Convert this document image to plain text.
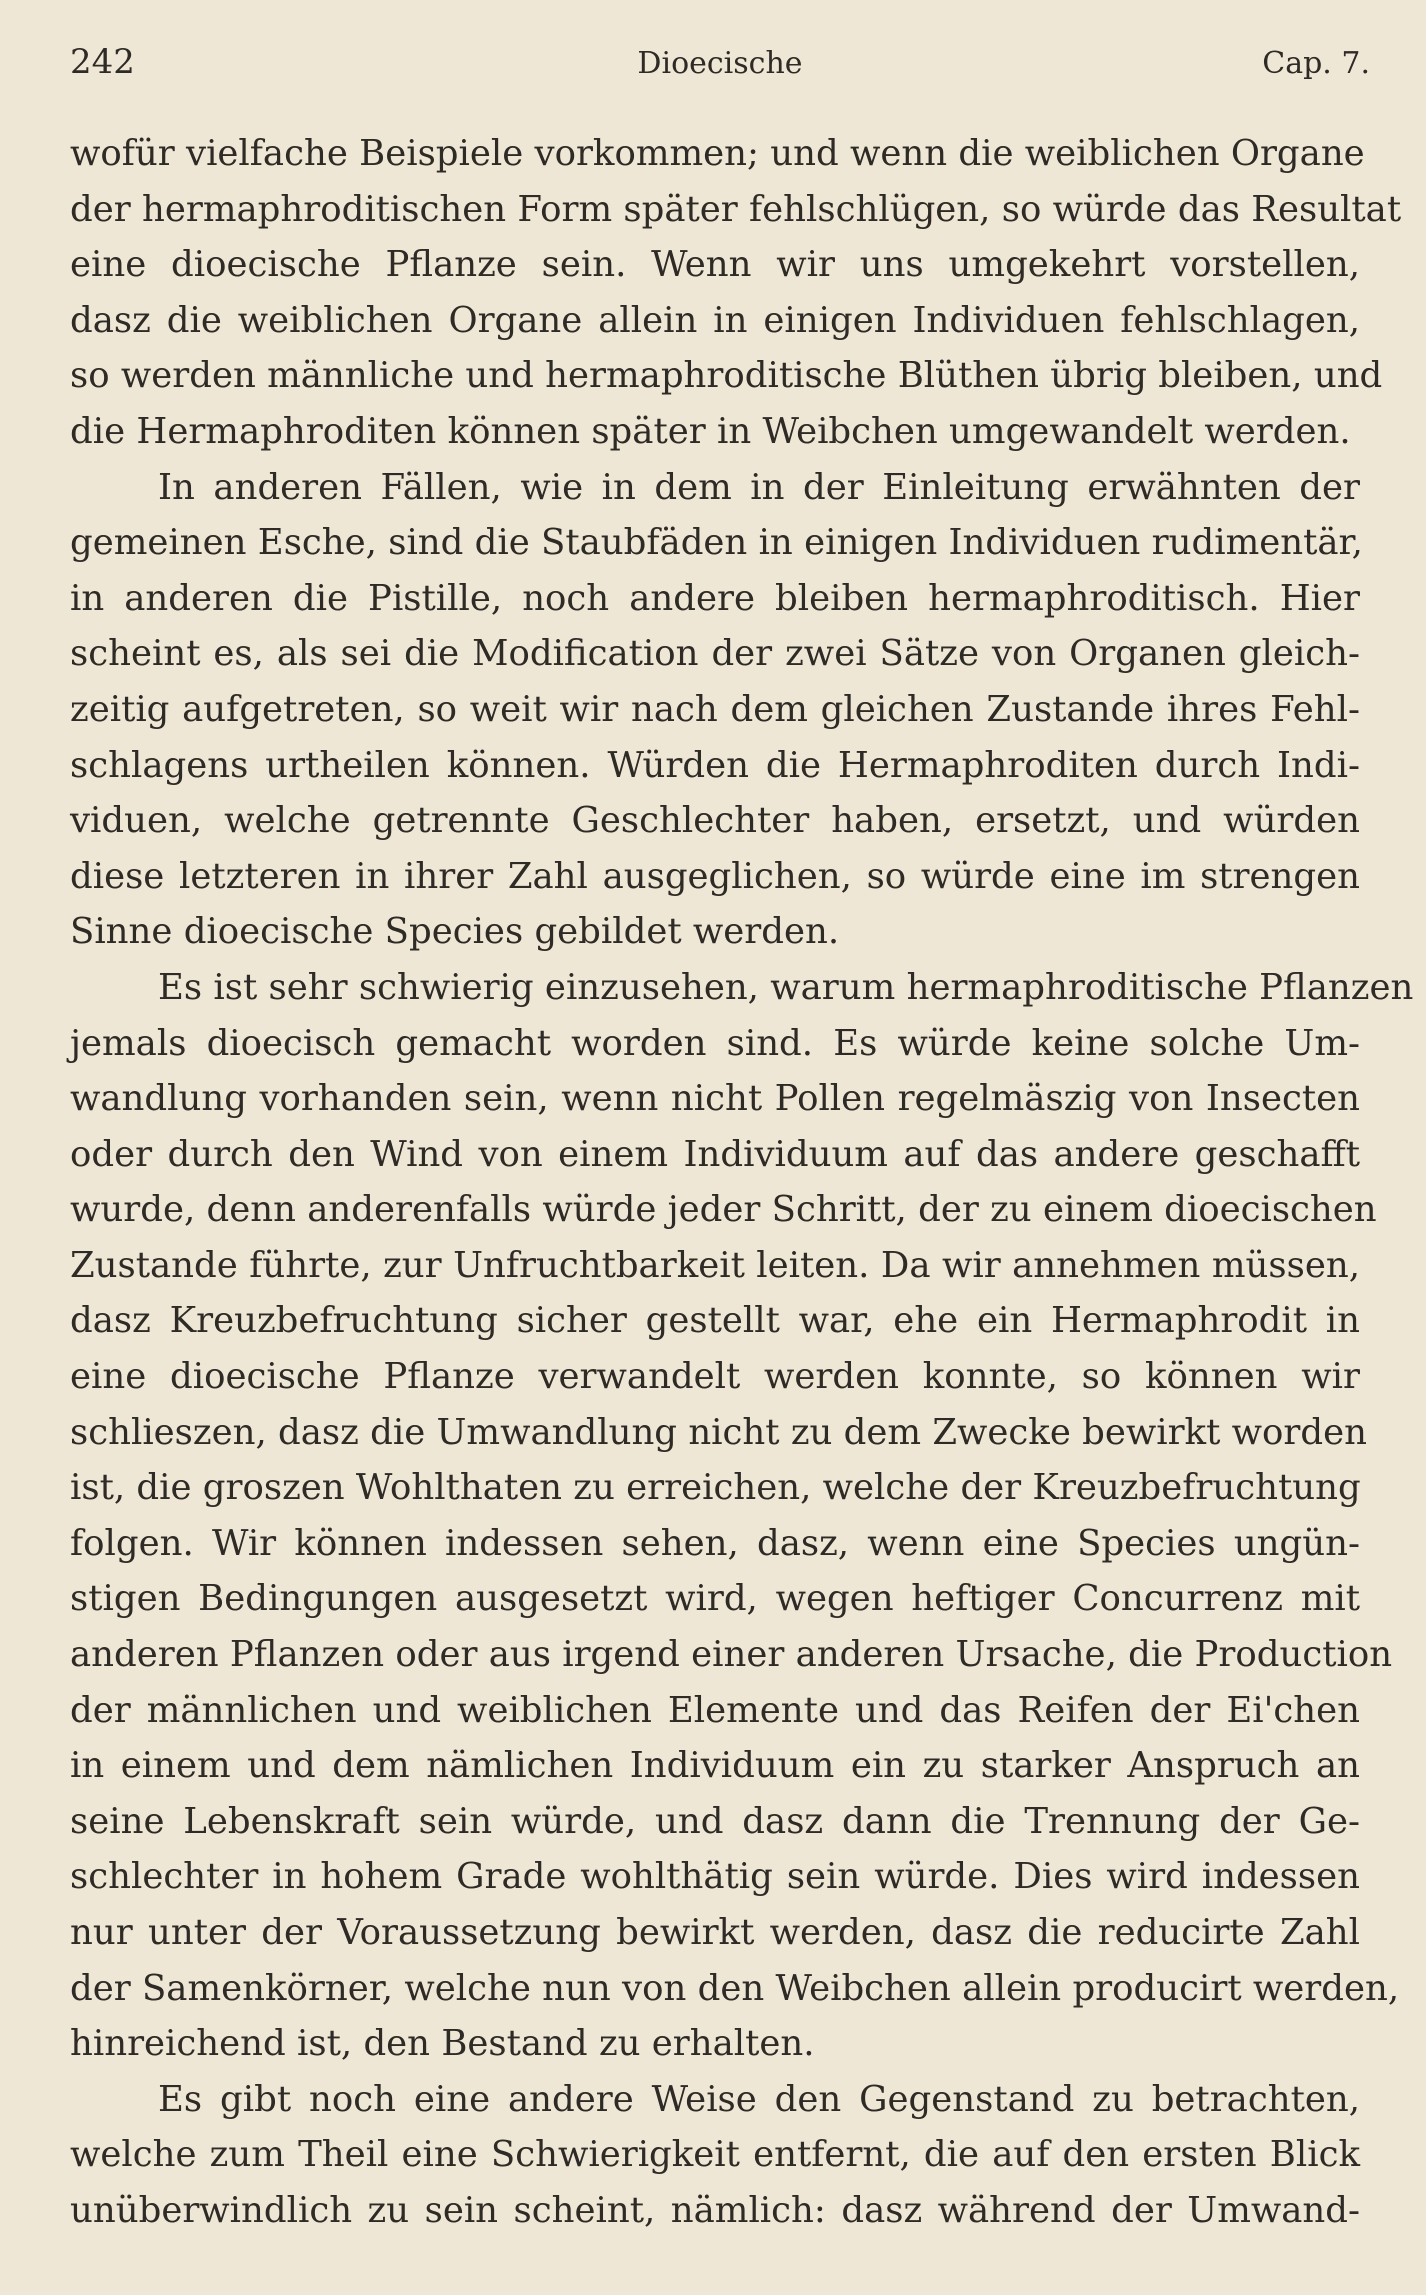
242	Dioecische	Cap. 7.
wofür vielfache Beispiele vorkommen; und wenn die weiblichen Organe
der hermaphroditischen Form später fehlschlügen, so würde das Resultat
eine dioecische Pflanze sein. Wenn wir uns umgekehrt vorstellen,
dasz die weiblichen Organe allein in einigen Individuen fehlschlagen,
so werden männliche und hermaphroditische Blüthen übrig bleiben, und
die Hermaphroditen können später in Weibchen umgewandelt werden.
In anderen Fällen, wie in dem in der Einleitung erwähnten der
gemeinen Esche, sind die Staubfäden in einigen Individuen rudimentär,
in anderen die Pistille, noch andere bleiben hermaphroditisch. Hier
scheint es, als sei die Modification der zwei Sätze von Organen gleich-
zeitig aufgetreten, so weit wir nach dem gleichen Zustande ihres Fehl-
schlagens urtheilen können. Würden die Hermaphroditen durch Indi-
viduen, welche getrennte Geschlechter haben, ersetzt, und würden
diese letzteren in ihrer Zahl ausgeglichen, so würde eine im strengen
Sinne dioecische Species gebildet werden.
Es ist sehr schwierig einzusehen, warum hermaphroditische Pflanzen
jemals dioecisch gemacht worden sind. Es würde keine solche Um-
wandlung vorhanden sein, wenn nicht Pollen regelmäszig von Insecten
oder durch den Wind von einem Individuum auf das andere geschafft
wurde, denn anderenfalls würde jeder Schritt, der zu einem dioecischen
Zustande führte, zur Unfruchtbarkeit leiten. Da wir annehmen müssen,
dasz Kreuzbefruchtung sicher gestellt war, ehe ein Hermaphrodit in
eine dioecische Pflanze verwandelt werden konnte, so können wir
schlieszen, dasz die Umwandlung nicht zu dem Zwecke bewirkt worden
ist, die groszen Wohlthaten zu erreichen, welche der Kreuzbefruchtung
folgen. Wir können indessen sehen, dasz, wenn eine Species ungün-
stigen Bedingungen ausgesetzt wird, wegen heftiger Concurrenz mit
anderen Pflanzen oder aus irgend einer anderen Ursache, die Production
der männlichen und weiblichen Elemente und das Reifen der Ei'chen
in einem und dem nämlichen Individuum ein zu starker Anspruch an
seine Lebenskraft sein würde, und dasz dann die Trennung der Ge-
schlechter in hohem Grade wohlthätig sein würde. Dies wird indessen
nur unter der Voraussetzung bewirkt werden, dasz die reducirte Zahl
der Samenkörner, welche nun von den Weibchen allein producirt werden,
hinreichend ist, den Bestand zu erhalten.
Es gibt noch eine andere Weise den Gegenstand zu betrachten,
welche zum Theil eine Schwierigkeit entfernt, die auf den ersten Blick
unüberwindlich zu sein scheint, nämlich: dasz während der Umwand-
